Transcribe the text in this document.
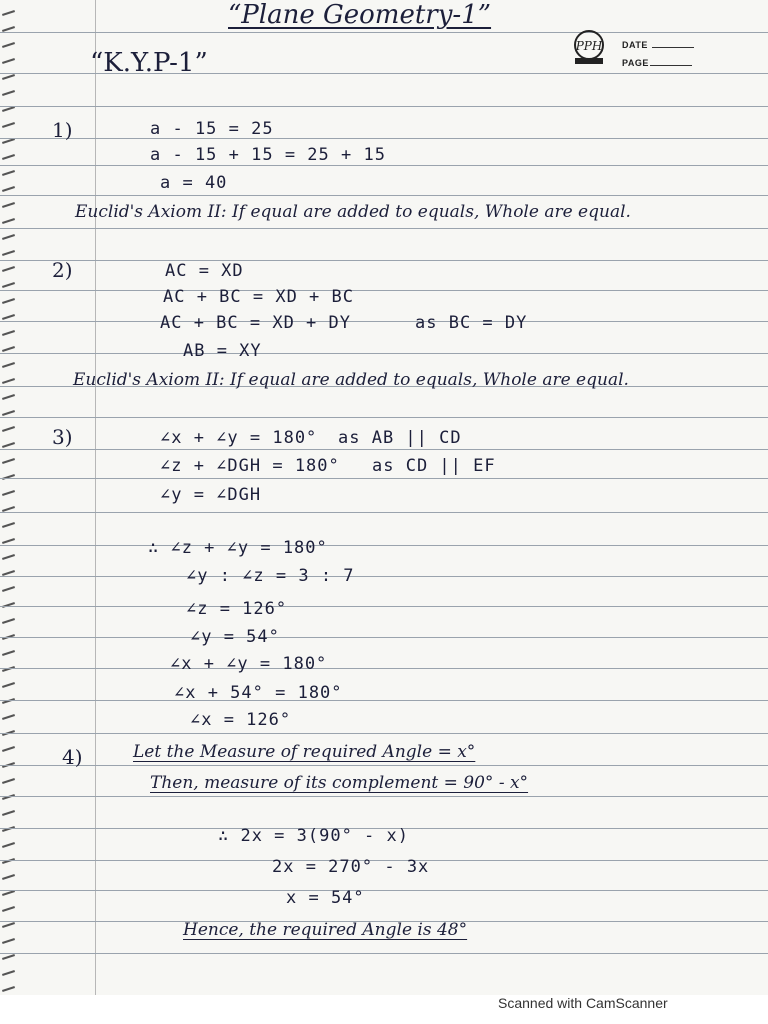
“Plane Geometry-1”
“K.Y.P-1”
PPH DATE
PAGE
1)	a - 15 = 25
a - 15 + 15 = 25 + 15
a = 40
Euclid's Axiom II: If equal are added to equals, Whole are equal.
2)	AC = XD
AC + BC = XD + BC
AC + BC = XD + DY	as BC = DY
AB = XY
Euclid's Axiom II: If equal are added to equals, Whole are equal.
3)	∠x + ∠y = 180° as AB || CD
∠z + ∠DGH = 180° as CD || EF
∠y = ∠DGH
∴ ∠z + ∠y = 180°
∠y : ∠z = 3 : 7
∠z = 126°
∠y = 54°
∠x + ∠y = 180°
∠x + 54° = 180°
∠x = 126°
4)	Let the Measure of required Angle = x°
Then, measure of its complement = 90° - x°
∴ 2x = 3(90° - x)
2x = 270° - 3x
x = 54°
Hence, the required Angle is 48°
Scanned with CamScanner
